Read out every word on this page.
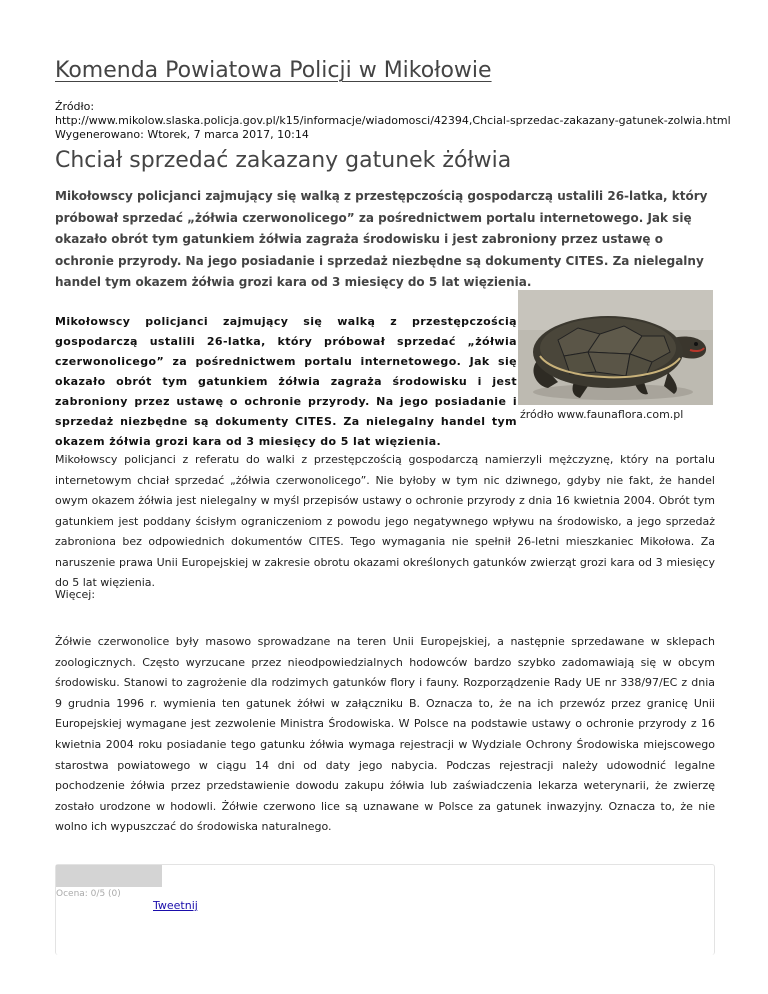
Komenda Powiatowa Policji w Mikołowie
Źródło:
http://www.mikolow.slaska.policja.gov.pl/k15/informacje/wiadomosci/42394,Chcial-sprzedac-zakazany-gatunek-zolwia.html
Wygenerowano: Wtorek, 7 marca 2017, 10:14
Chciał sprzedać zakazany gatunek żółwia

Mikołowscy policjanci zajmujący się walką z przestępczością gospodarczą ustalili 26-latka, który próbował sprzedać „żółwia czerwonolicego” za pośrednictwem portalu internetowego. Jak się okazało obrót tym gatunkiem żółwia zagraża środowisku i jest zabroniony przez ustawę o ochronie przyrody. Na jego posiadanie i sprzedaż niezbędne są dokumenty CITES. Za nielegalny handel tym okazem żółwia grozi kara od 3 miesięcy do 5 lat więzienia.

Mikołowscy policjanci zajmujący się walką z przestępczością gospodarczą ustalili 26-latka, który próbował sprzedać „żółwia czerwonolicego” za pośrednictwem portalu internetowego. Jak się okazało obrót tym gatunkiem żółwia zagraża środowisku i jest zabroniony przez ustawę o ochronie przyrody. Na jego posiadanie i sprzedaż niezbędne są dokumenty CITES. Za nielegalny handel tym okazem żółwia grozi kara od 3 miesięcy do 5 lat więzienia.

źródło www.faunaflora.com.pl

Mikołowscy policjanci z referatu do walki z przestępczością gospodarczą namierzyli mężczyznę, który na portalu internetowym chciał sprzedać „żółwia czerwonolicego”. Nie byłoby w tym nic dziwnego, gdyby nie fakt, że handel owym okazem żółwia jest nielegalny w myśl przepisów ustawy o ochronie przyrody z dnia 16 kwietnia 2004. Obrót tym gatunkiem jest poddany ścisłym ograniczeniom z powodu jego negatywnego wpływu na środowisko, a jego sprzedaż zabroniona bez odpowiednich dokumentów CITES. Tego wymagania nie spełnił 26-letni mieszkaniec Mikołowa. Za naruszenie prawa Unii Europejskiej w zakresie obrotu okazami określonych gatunków zwierząt grozi kara od 3 miesięcy do 5 lat więzienia.

Więcej:

Żółwie czerwonolice były masowo sprowadzane na teren Unii Europejskiej, a następnie sprzedawane w sklepach zoologicznych. Często wyrzucane przez nieodpowiedzialnych hodowców bardzo szybko zadomawiają się w obcym środowisku. Stanowi to zagrożenie dla rodzimych gatunków flory i fauny. Rozporządzenie Rady UE nr 338/97/EC z dnia 9 grudnia 1996 r. wymienia ten gatunek żółwi w załączniku B. Oznacza to, że na ich przewóz przez granicę Unii Europejskiej wymagane jest zezwolenie Ministra Środowiska. W Polsce na podstawie ustawy o ochronie przyrody z 16 kwietnia 2004 roku posiadanie tego gatunku żółwia wymaga rejestracji w Wydziale Ochrony Środowiska miejscowego starostwa powiatowego w ciągu 14 dni od daty jego nabycia. Podczas rejestracji należy udowodnić legalne pochodzenie żółwia przez przedstawienie dowodu zakupu żółwia lub zaświadczenia lekarza weterynarii, że zwierzę zostało urodzone w hodowli. Żółwie czerwono lice są uznawane w Polsce za gatunek inwazyjny. Oznacza to, że nie wolno ich wypuszczać do środowiska naturalnego.

Ocena: 0/5 (0)
Tweetnij
